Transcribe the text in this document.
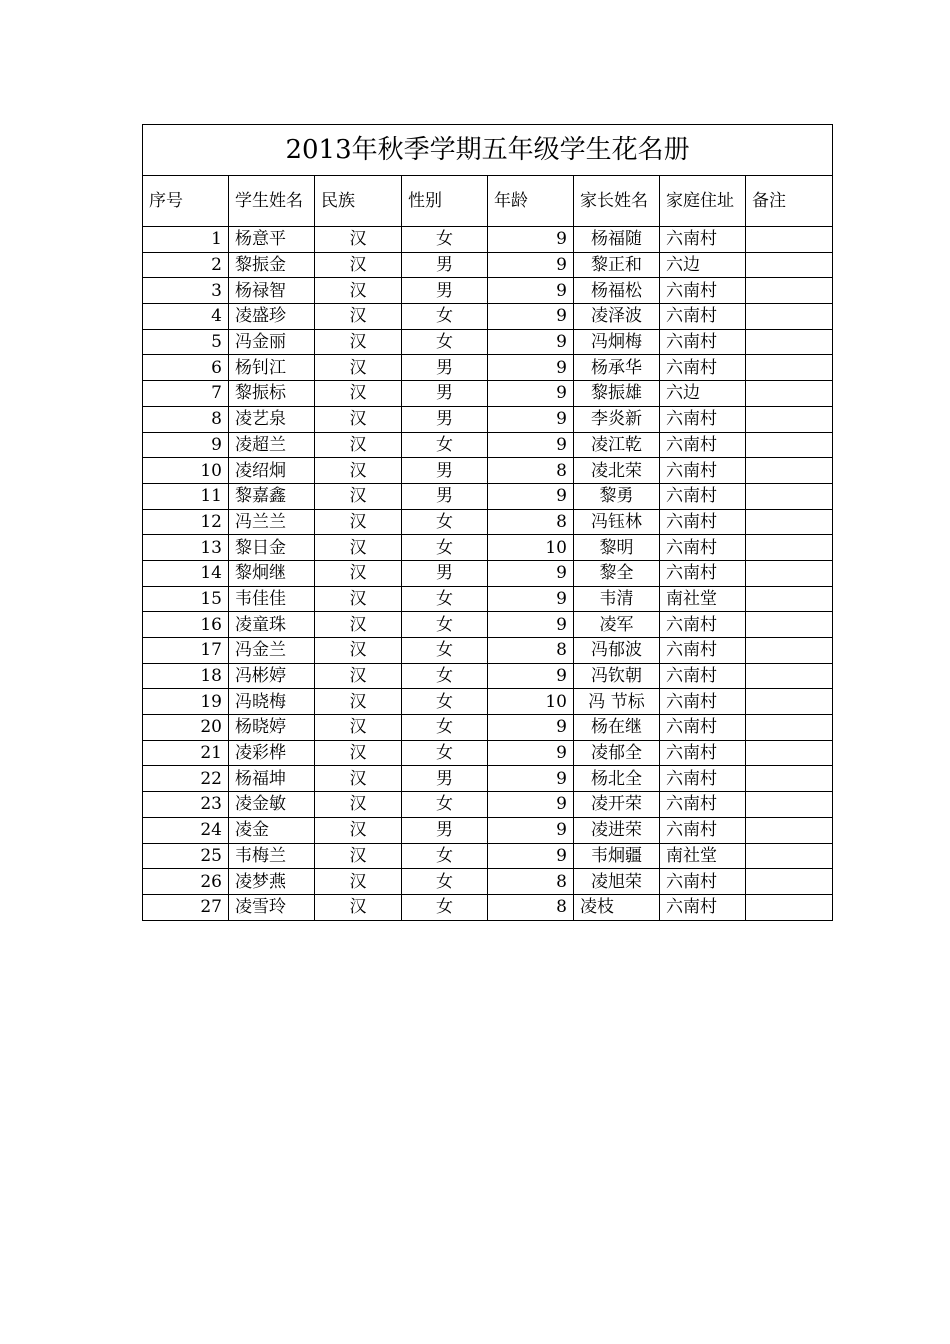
2013年秋季学期五年级学生花名册							
序号	学生姓名	民族	性别	年龄	家长姓名	家庭住址	备注
1	杨意平	汉	女	9	杨福随	六南村	
2	黎振金	汉	男	9	黎正和	六边	
3	杨禄智	汉	男	9	杨福松	六南村	
4	凌盛珍	汉	女	9	凌泽波	六南村	
5	冯金丽	汉	女	9	冯炯梅	六南村	
6	杨钊江	汉	男	9	杨承华	六南村	
7	黎振标	汉	男	9	黎振雄	六边	
8	凌艺泉	汉	男	9	李炎新	六南村	
9	凌超兰	汉	女	9	凌江乾	六南村	
10	凌绍炯	汉	男	8	凌北荣	六南村	
11	黎嘉鑫	汉	男	9	黎勇	六南村	
12	冯兰兰	汉	女	8	冯钰林	六南村	
13	黎日金	汉	女	10	黎明	六南村	
14	黎炯继	汉	男	9	黎全	六南村	
15	韦佳佳	汉	女	9	韦清	南社堂	
16	凌童珠	汉	女	9	凌军	六南村	
17	冯金兰	汉	女	8	冯郁波	六南村	
18	冯彬婷	汉	女	9	冯钦朝	六南村	
19	冯晓梅	汉	女	10	冯 节标	六南村	
20	杨晓婷	汉	女	9	杨在继	六南村	
21	凌彩桦	汉	女	9	凌郁全	六南村	
22	杨福坤	汉	男	9	杨北全	六南村	
23	凌金敏	汉	女	9	凌开荣	六南村	
24	凌金	汉	男	9	凌进荣	六南村	
25	韦梅兰	汉	女	9	韦炯疆	南社堂	
26	凌梦燕	汉	女	8	凌旭荣	六南村	
27	凌雪玲	汉	女	8	凌枝	六南村	
